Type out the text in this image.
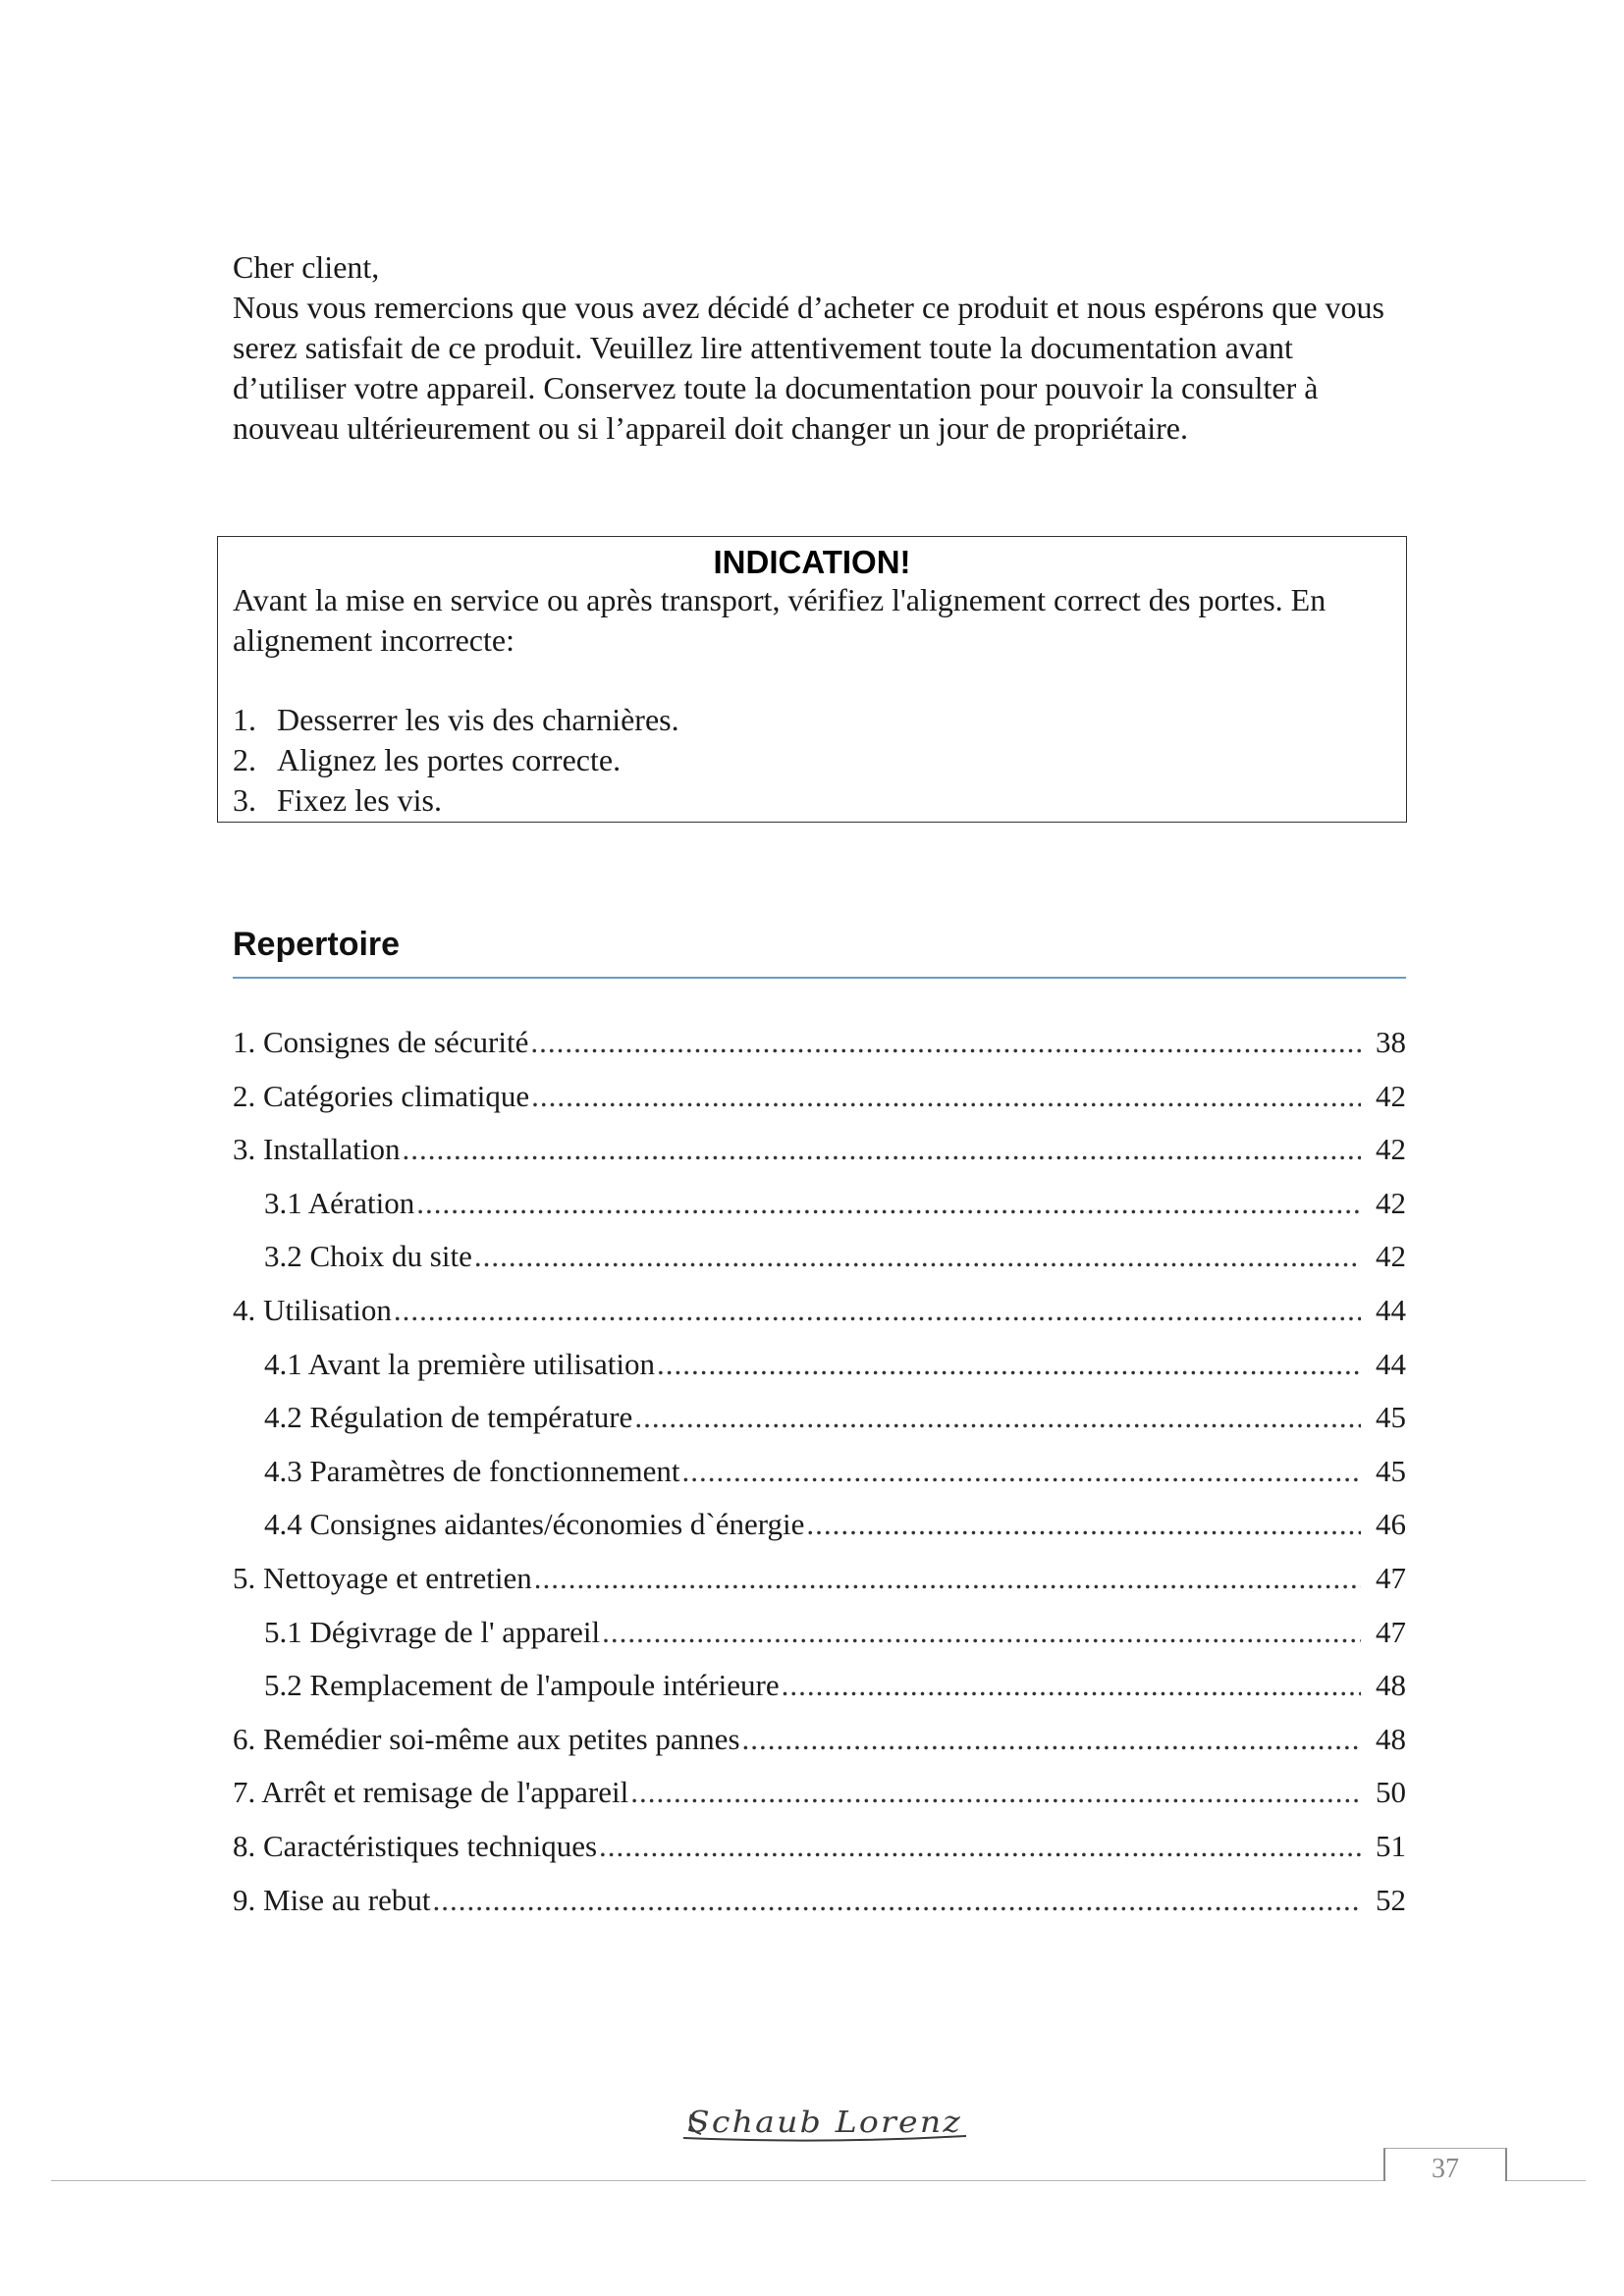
Cher client,

Nous vous remercions que vous avez décidé d’acheter ce produit et nous espérons que vous serez satisfait de ce produit. Veuillez lire attentivement toute la documentation avant d’utiliser votre appareil. Conservez toute la documentation pour pouvoir la consulter à nouveau ultérieurement ou si l’appareil doit changer un jour de propriétaire.

INDICATION!

Avant la mise en service ou après transport, vérifiez l'alignement correct des portes. En alignement incorrecte:

1. Desserrer les vis des charnières.
2. Alignez les portes correcte.
3. Fixez les vis.
Repertoire
1. Consignes de sécurité .....	38
2. Catégories climatique .....	42
3. Installation .....	42
3.1 Aération .....	42
3.2 Choix du site .....	42
4. Utilisation .....	44
4.1 Avant la première utilisation .....	44
4.2 Régulation de température .....	45
4.3 Paramètres de fonctionnement .....	45
4.4 Consignes aidantes/économies d`énergie .....	46
5. Nettoyage et entretien .....	47
5.1 Dégivrage de l' appareil .....	47
5.2 Remplacement de l'ampoule intérieure .....	48
6. Remédier soi-même aux petites pannes .....	48
7. Arrêt et remisage de l'appareil .....	50
8. Caractéristiques techniques .....	51
9. Mise au rebut .....	52
Schaub Lorenz
37
